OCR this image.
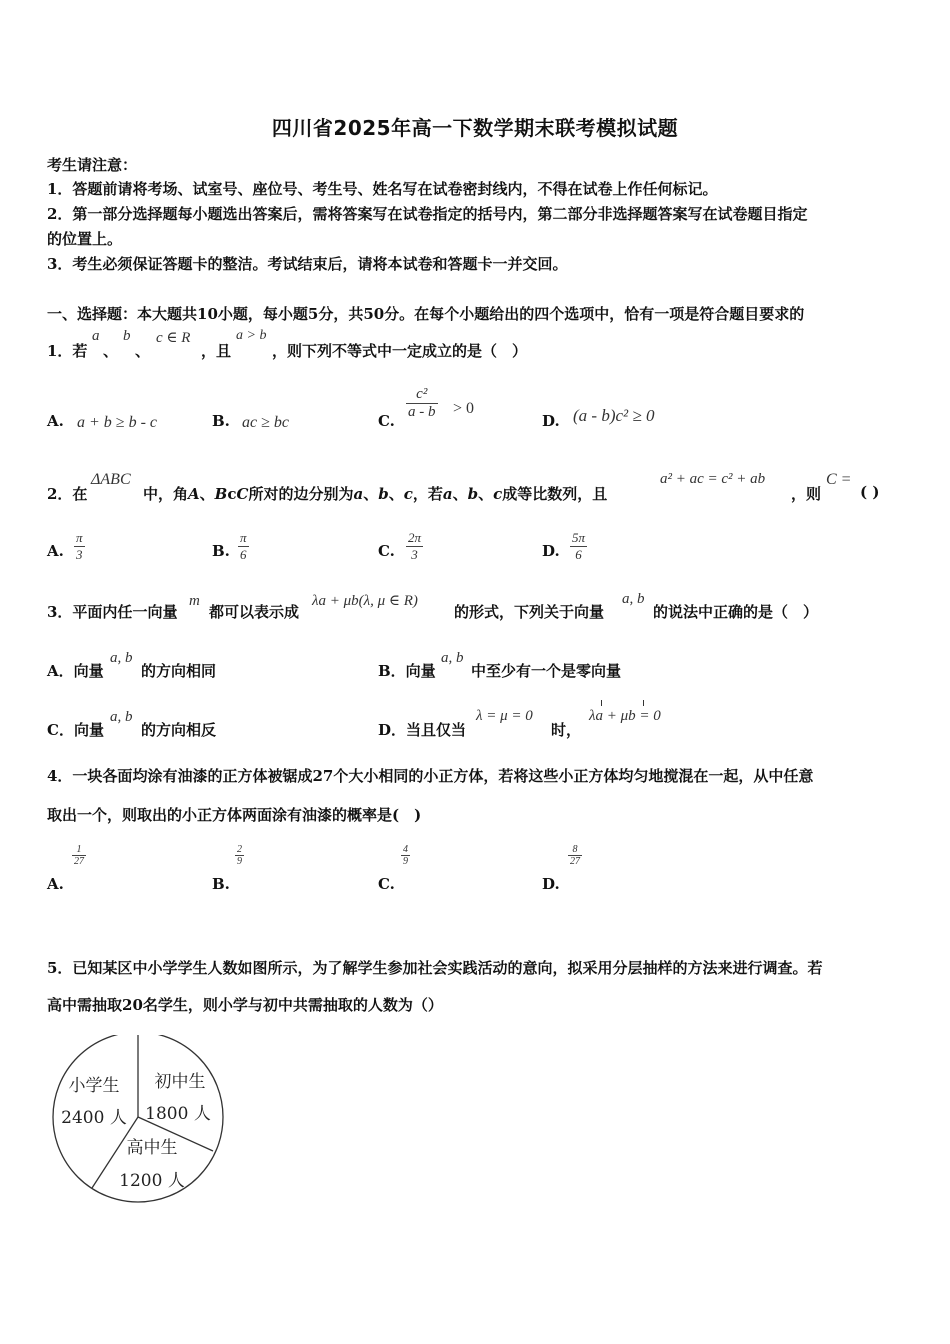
四川省2025年高一下数学期末联考模拟试题
考生请注意：
1．答题前请将考场、试室号、座位号、考生号、姓名写在试卷密封线内，不得在试卷上作任何标记。
2．第一部分选择题每小题选出答案后，需将答案写在试卷指定的括号内，第二部分非选择题答案写在试卷题目指定
的位置上。
3．考生必须保证答题卡的整洁。考试结束后，请将本试卷和答题卡一并交回。
一、选择题：本大题共10小题，每小题5分，共50分。在每个小题给出的四个选项中，恰有一项是符合题目要求的
1．若
a
、
b
、
c ∈ R
，且
a > b
，则下列不等式中一定成立的是（　）
A. a + b ≥ b - c	B. ac ≥ bc	C. $\frac{\text{c²}}{a - b} > 0$
D. (a - b)c² ≥ 0
2．在
ΔABC
中，角A、BcC所对的边分别为a、b、c，若a、b、c成等比数列，且
a² + ac = c² + ab
，则
C =
( )
A. $\frac{\pi}{3}$	B. $\frac{\pi}{6}$	C. $\frac{2\pi}{3}$	D. $\frac{5\pi}{6}$
3．平面内任一向量
m
都可以表示成
λa + μb(λ, μ ∈ R)
的形式，下列关于向量
a, b
的说法中正确的是（　）
A．向量
a, b
的方向相同	B．向量
a, b
中至少有一个是零向量
C．向量
a, b
的方向相反	D．当且仅当
λ = μ = 0
时，
λa + μb = 0
4．一块各面均涂有油漆的正方体被锯成27个大小相同的小正方体，若将这些小正方体均匀地搅混在一起，从中任意
取出一个，则取出的小正方体两面涂有油漆的概率是(　)
A.
$\frac{1}{27}$
B.
$\frac{2}{9}$
C.
$\frac{4}{9}$
D.
$\frac{8}{27}$
5．已知某区中小学学生人数如图所示，为了解学生参加社会实践活动的意向，拟采用分层抽样的方法来进行调查。若
高中需抽取20名学生，则小学与初中共需抽取的人数为（）
小学生
2400 人
初中生
1800 人
高中生
1200 人
